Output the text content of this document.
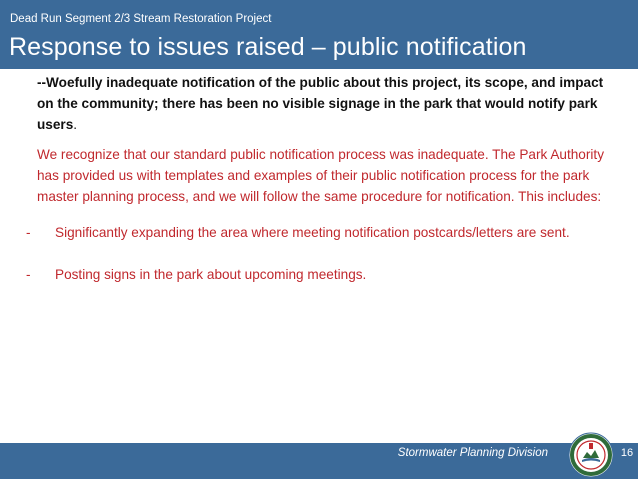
Dead Run Segment 2/3 Stream Restoration Project
Response to issues raised – public notification

--Woefully inadequate notification of the public about this project, its scope, and impact on the community; there has been no visible signage in the park that would notify park users.

We recognize that our standard public notification process was inadequate. The Park Authority has provided us with templates and examples of their public notification process for the park master planning process, and we will follow the same procedure for notification. This includes:

- Significantly expanding the area where meeting notification postcards/letters are sent.
- Posting signs in the park about upcoming meetings.
Stormwater Planning Division	16
